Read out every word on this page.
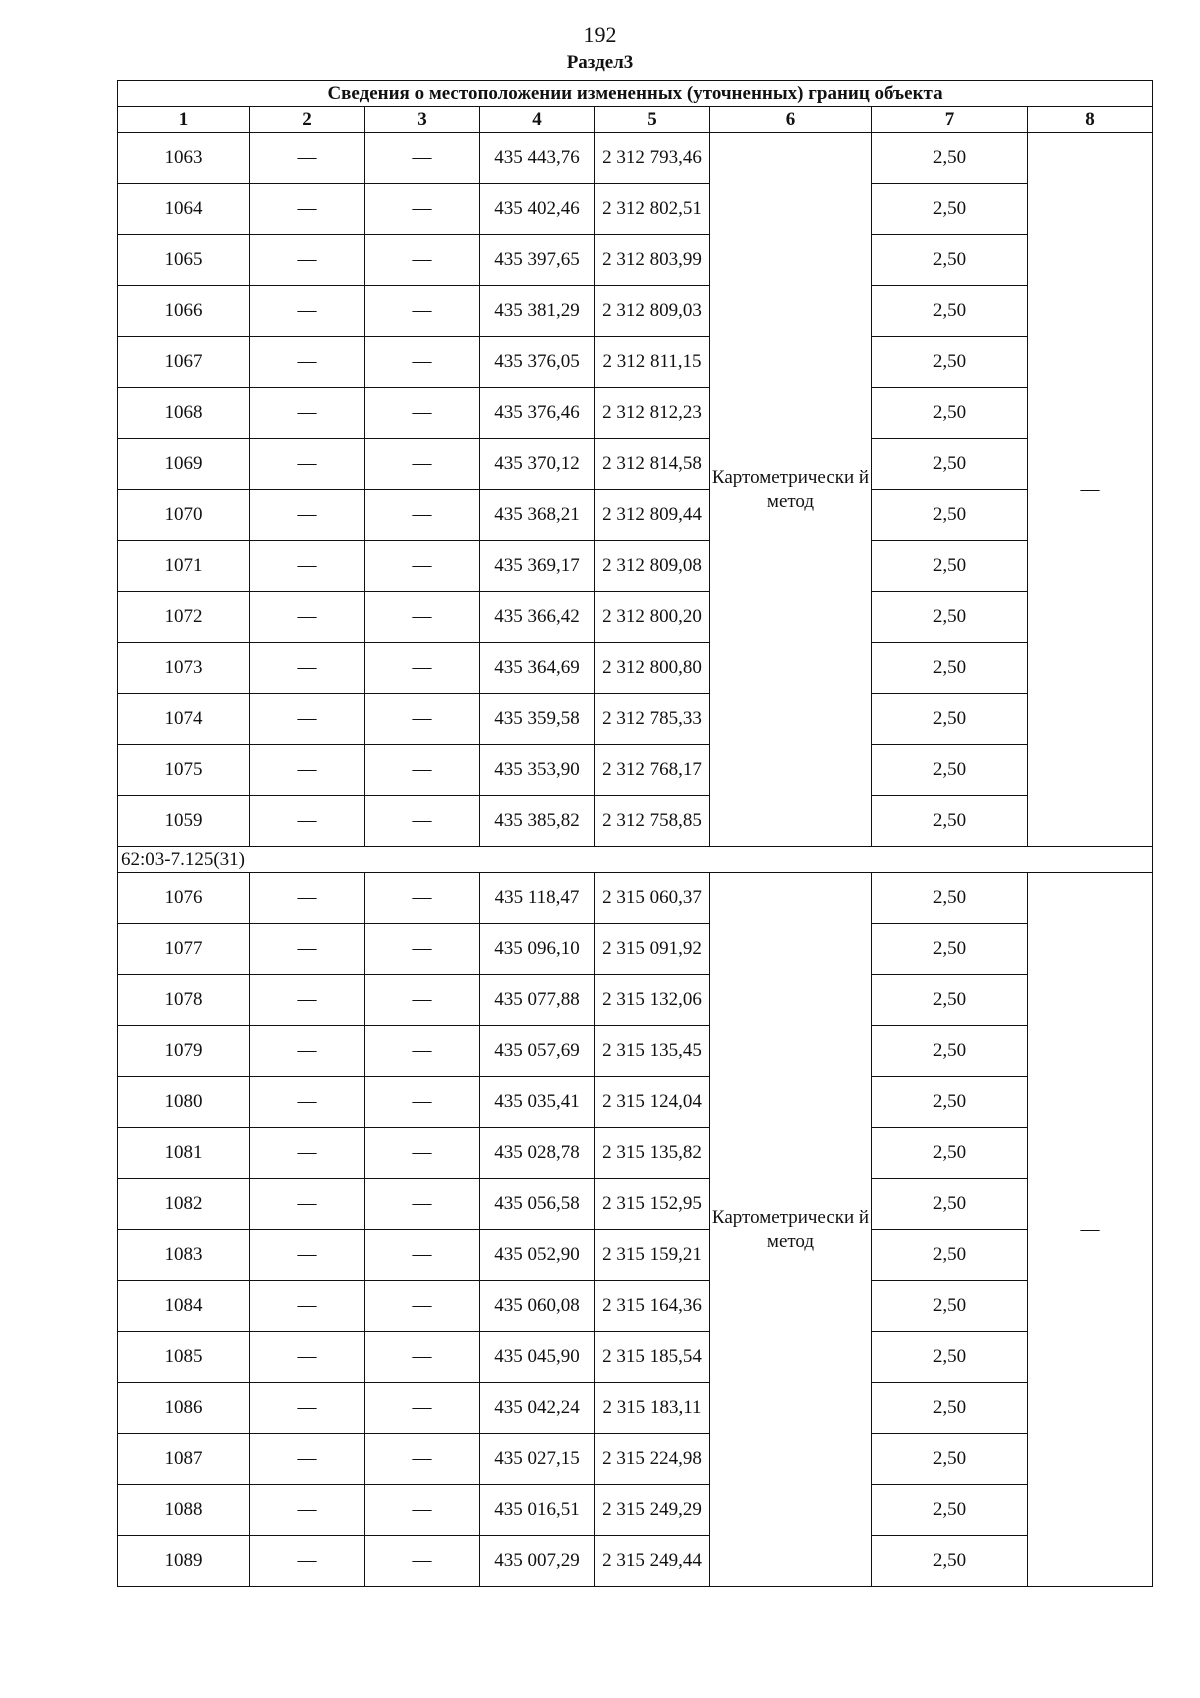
192
Раздел3
Сведения о местоположении измененных (уточненных) границ объекта							
1	2	3	4	5	6	7	8
1063	—	—	435 443,76	2 312 793,46	Картометрически й метод	2,50	—
1064	—	—	435 402,46	2 312 802,51		2,50	
1065	—	—	435 397,65	2 312 803,99		2,50	
1066	—	—	435 381,29	2 312 809,03		2,50	
1067	—	—	435 376,05	2 312 811,15		2,50	
1068	—	—	435 376,46	2 312 812,23		2,50	
1069	—	—	435 370,12	2 312 814,58		2,50	
1070	—	—	435 368,21	2 312 809,44		2,50	
1071	—	—	435 369,17	2 312 809,08		2,50	
1072	—	—	435 366,42	2 312 800,20		2,50	
1073	—	—	435 364,69	2 312 800,80		2,50	
1074	—	—	435 359,58	2 312 785,33		2,50	
1075	—	—	435 353,90	2 312 768,17		2,50	
1059	—	—	435 385,82	2 312 758,85		2,50	
62:03-7.125(31)							
1076	—	—	435 118,47	2 315 060,37	Картометрически й метод	2,50	—
1077	—	—	435 096,10	2 315 091,92		2,50	
1078	—	—	435 077,88	2 315 132,06		2,50	
1079	—	—	435 057,69	2 315 135,45		2,50	
1080	—	—	435 035,41	2 315 124,04		2,50	
1081	—	—	435 028,78	2 315 135,82		2,50	
1082	—	—	435 056,58	2 315 152,95		2,50	
1083	—	—	435 052,90	2 315 159,21		2,50	
1084	—	—	435 060,08	2 315 164,36		2,50	
1085	—	—	435 045,90	2 315 185,54		2,50	
1086	—	—	435 042,24	2 315 183,11		2,50	
1087	—	—	435 027,15	2 315 224,98		2,50	
1088	—	—	435 016,51	2 315 249,29		2,50	
1089	—	—	435 007,29	2 315 249,44		2,50	
